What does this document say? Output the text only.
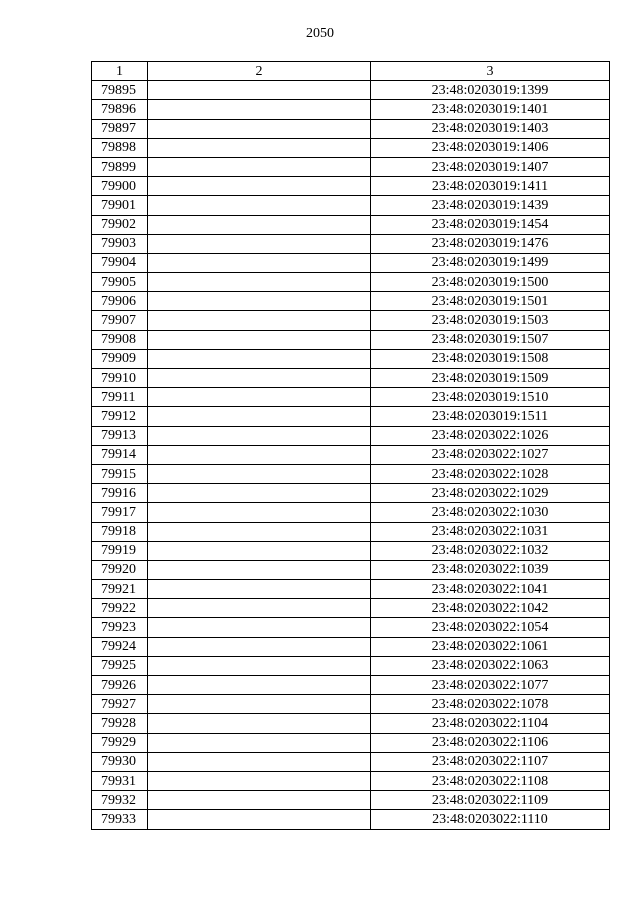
2050
1	2	3
79895		23:48:0203019:1399
79896		23:48:0203019:1401
79897		23:48:0203019:1403
79898		23:48:0203019:1406
79899		23:48:0203019:1407
79900		23:48:0203019:1411
79901		23:48:0203019:1439
79902		23:48:0203019:1454
79903		23:48:0203019:1476
79904		23:48:0203019:1499
79905		23:48:0203019:1500
79906		23:48:0203019:1501
79907		23:48:0203019:1503
79908		23:48:0203019:1507
79909		23:48:0203019:1508
79910		23:48:0203019:1509
79911		23:48:0203019:1510
79912		23:48:0203019:1511
79913		23:48:0203022:1026
79914		23:48:0203022:1027
79915		23:48:0203022:1028
79916		23:48:0203022:1029
79917		23:48:0203022:1030
79918		23:48:0203022:1031
79919		23:48:0203022:1032
79920		23:48:0203022:1039
79921		23:48:0203022:1041
79922		23:48:0203022:1042
79923		23:48:0203022:1054
79924		23:48:0203022:1061
79925		23:48:0203022:1063
79926		23:48:0203022:1077
79927		23:48:0203022:1078
79928		23:48:0203022:1104
79929		23:48:0203022:1106
79930		23:48:0203022:1107
79931		23:48:0203022:1108
79932		23:48:0203022:1109
79933		23:48:0203022:1110
